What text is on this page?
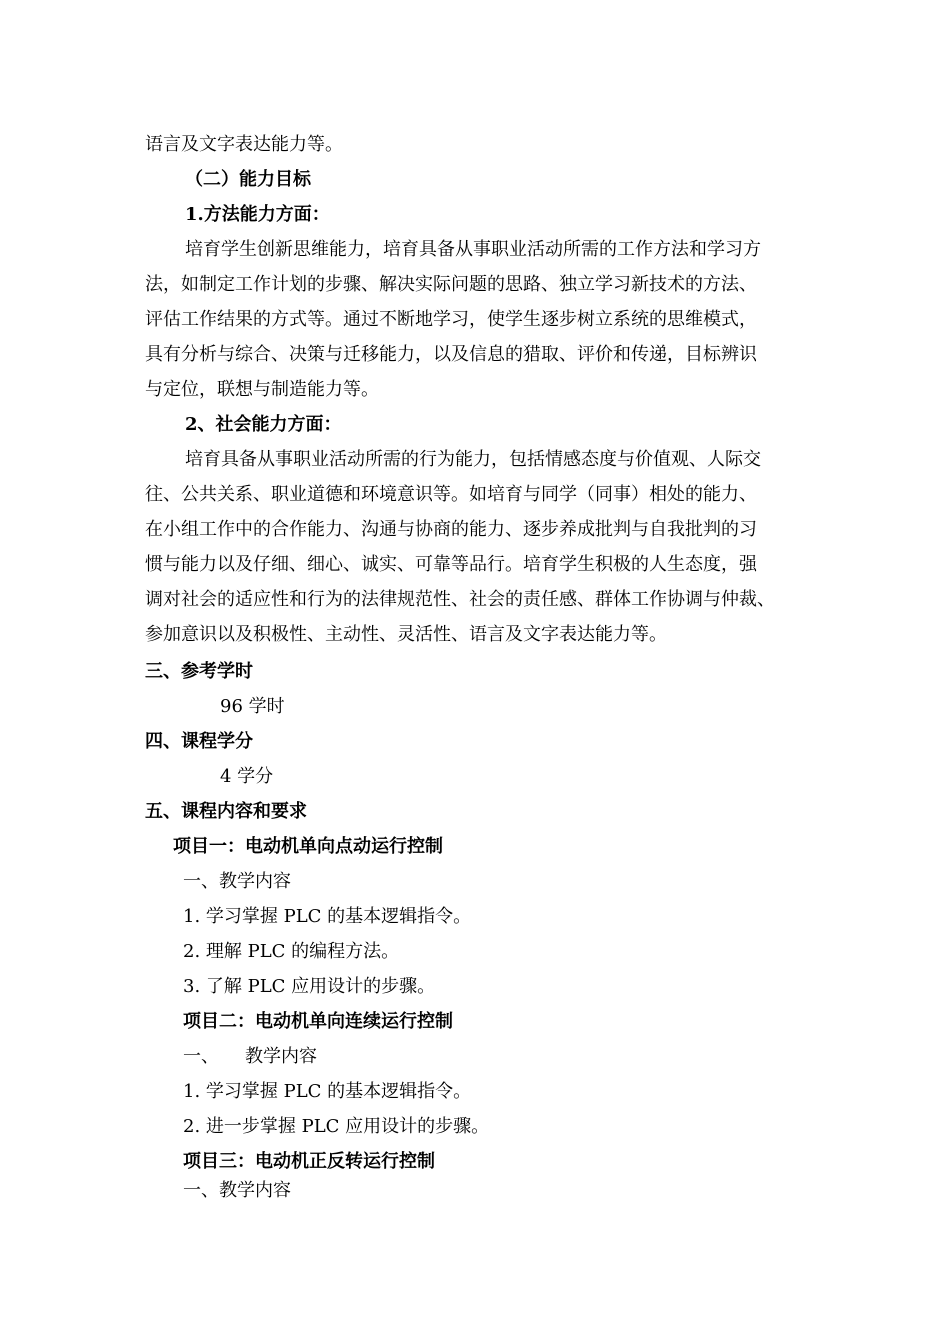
语言及文字表达能力等。
（二）能力目标
1.方法能力方面：
培育学生创新思维能力，培育具备从事职业活动所需的工作方法和学习方
法，如制定工作计划的步骤、解决实际问题的思路、独立学习新技术的方法、
评估工作结果的方式等。通过不断地学习，使学生逐步树立系统的思维模式，
具有分析与综合、决策与迁移能力，以及信息的猎取、评价和传递，目标辨识
与定位，联想与制造能力等。
2、社会能力方面：
培育具备从事职业活动所需的行为能力，包括情感态度与价值观、人际交
往、公共关系、职业道德和环境意识等。如培育与同学（同事）相处的能力、
在小组工作中的合作能力、沟通与协商的能力、逐步养成批判与自我批判的习
惯与能力以及仔细、细心、诚实、可靠等品行。培育学生积极的人生态度，强
调对社会的适应性和行为的法律规范性、社会的责任感、群体工作协调与仲裁、
参加意识以及积极性、主动性、灵活性、语言及文字表达能力等。
三、参考学时
96 学时
四、课程学分
4 学分
五、课程内容和要求
项目一：电动机单向点动运行控制
一、教学内容
1. 学习掌握 PLC 的基本逻辑指令。
2. 理解 PLC 的编程方法。
3. 了解 PLC 应用设计的步骤。
项目二：电动机单向连续运行控制
一、 教学内容
1. 学习掌握 PLC 的基本逻辑指令。
2. 进一步掌握 PLC 应用设计的步骤。
项目三：电动机正反转运行控制
一、教学内容
